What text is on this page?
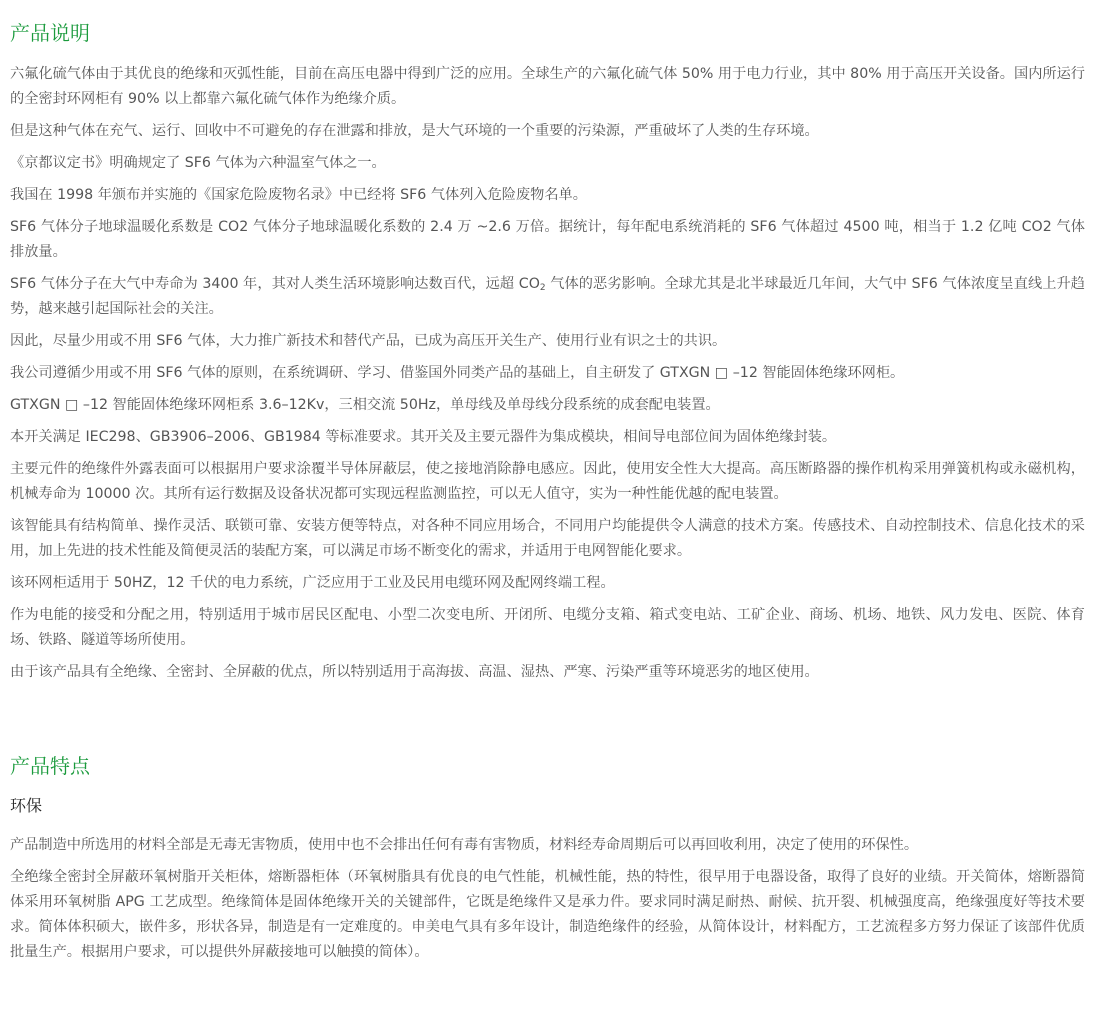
产品说明

六氟化硫气体由于其优良的绝缘和灭弧性能，目前在高压电器中得到广泛的应用。全球生产的六氟化硫气体 50% 用于电力行业，其中 80% 用于高压开关设备。国内所运行的全密封环网柜有 90% 以上都靠六氟化硫气体作为绝缘介质。

但是这种气体在充气、运行、回收中不可避免的存在泄露和排放，是大气环境的一个重要的污染源，严重破坏了人类的生存环境。

《京都议定书》明确规定了 SF6 气体为六种温室气体之一。

我国在 1998 年颁布并实施的《国家危险废物名录》中已经将 SF6 气体列入危险废物名单。

SF6 气体分子地球温暖化系数是 CO2 气体分子地球温暖化系数的 2.4 万 ~2.6 万倍。据统计，每年配电系统消耗的 SF6 气体超过 4500 吨，相当于 1.2 亿吨 CO2 气体排放量。

SF6 气体分子在大气中寿命为 3400 年，其对人类生活环境影响达数百代，远超 $CO_2$ 气体的恶劣影响。全球尤其是北半球最近几年间，大气中 SF6 气体浓度呈直线上升趋势，越来越引起国际社会的关注。

因此，尽量少用或不用 SF6 气体，大力推广新技术和替代产品，已成为高压开关生产、使用行业有识之士的共识。

我公司遵循少用或不用 SF6 气体的原则，在系统调研、学习、借鉴国外同类产品的基础上，自主研发了 GTXGN □ –12 智能固体绝缘环网柜。

GTXGN □ –12 智能固体绝缘环网柜系 3.6–12Kv，三相交流 50Hz，单母线及单母线分段系统的成套配电装置。

本开关满足 IEC298、GB3906–2006、GB1984 等标准要求。其开关及主要元器件为集成模块，相间导电部位间为固体绝缘封装。

主要元件的绝缘件外露表面可以根据用户要求涂覆半导体屏蔽层，使之接地消除静电感应。因此，使用安全性大大提高。高压断路器的操作机构采用弹簧机构或永磁机构，机械寿命为 10000 次。其所有运行数据及设备状况都可实现远程监测监控，可以无人值守，实为一种性能优越的配电装置。

该智能具有结构简单、操作灵活、联锁可靠、安装方便等特点，对各种不同应用场合，不同用户均能提供令人满意的技术方案。传感技术、自动控制技术、信息化技术的采用，加上先进的技术性能及简便灵活的装配方案，可以满足市场不断变化的需求，并适用于电网智能化要求。

该环网柜适用于 50HZ，12 千伏的电力系统，广泛应用于工业及民用电缆环网及配网终端工程。

作为电能的接受和分配之用，特别适用于城市居民区配电、小型二次变电所、开闭所、电缆分支箱、箱式变电站、工矿企业、商场、机场、地铁、风力发电、医院、体育场、铁路、隧道等场所使用。

由于该产品具有全绝缘、全密封、全屏蔽的优点，所以特别适用于高海拔、高温、湿热、严寒、污染严重等环境恶劣的地区使用。

产品特点
环保

产品制造中所选用的材料全部是无毒无害物质，使用中也不会排出任何有毒有害物质，材料经寿命周期后可以再回收利用，决定了使用的环保性。

全绝缘全密封全屏蔽环氧树脂开关柜体，熔断器柜体（环氧树脂具有优良的电气性能，机械性能，热的特性，很早用于电器设备，取得了良好的业绩。开关简体，熔断器简体采用环氧树脂 APG 工艺成型。绝缘简体是固体绝缘开关的关键部件，它既是绝缘件又是承力件。要求同时满足耐热、耐候、抗开裂、机械强度高，绝缘强度好等技术要求。简体体积硕大，嵌件多，形状各异，制造是有一定难度的。申美电气具有多年设计，制造绝缘件的经验，从简体设计，材料配方，工艺流程多方努力保证了该部件优质批量生产。根据用户要求，可以提供外屏蔽接地可以触摸的简体）。
